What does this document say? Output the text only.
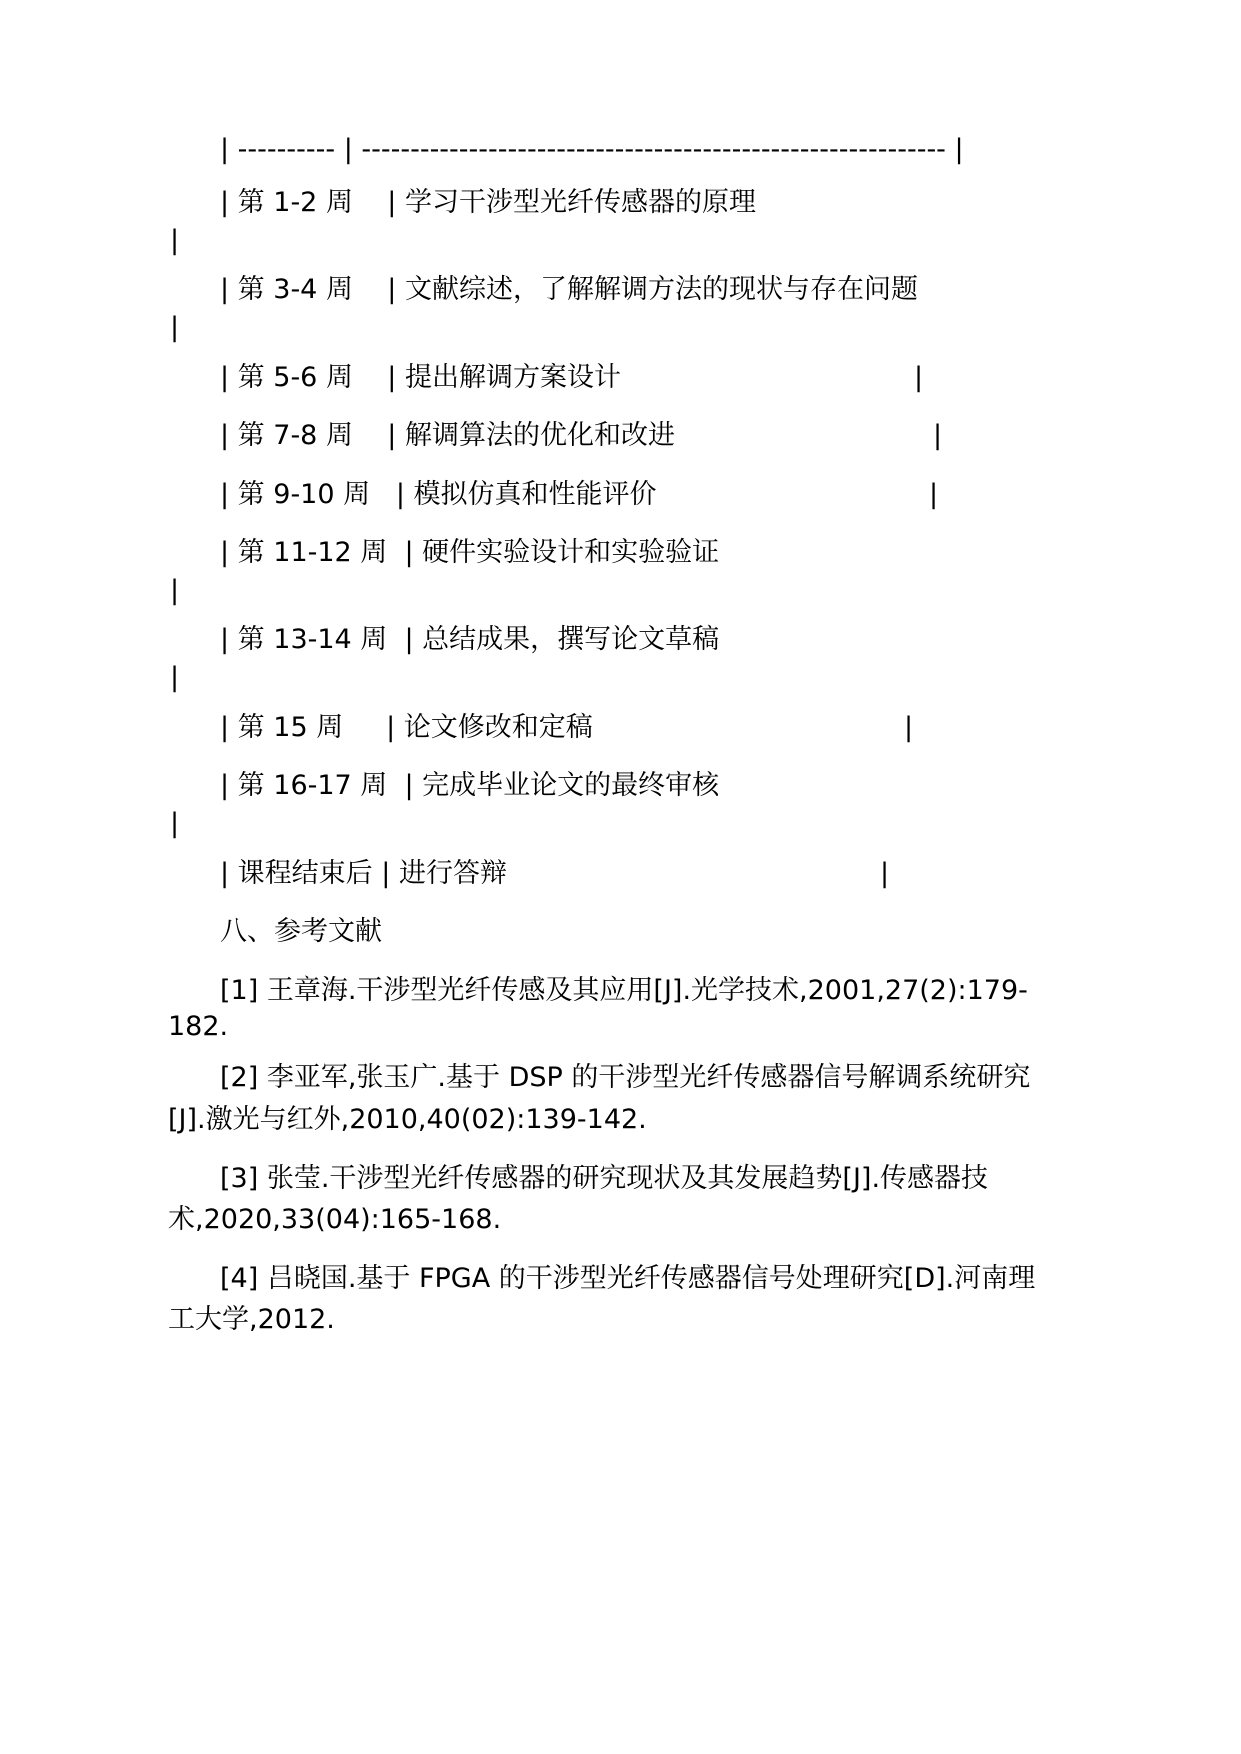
| ---------- | ------------------------------------------------------------ |
| 第 1-2 周    | 学习干涉型光纤传感器的原理
|
| 第 3-4 周    | 文献综述，了解解调方法的现状与存在问题
|
| 第 5-6 周    | 提出解调方案设计	|
| 第 7-8 周    | 解调算法的优化和改进	|
| 第 9-10 周   | 模拟仿真和性能评价	|
| 第 11-12 周  | 硬件实验设计和实验验证
|
| 第 13-14 周  | 总结成果，撰写论文草稿
|
| 第 15 周     | 论文修改和定稿	|
| 第 16-17 周  | 完成毕业论文的最终审核
|
| 课程结束后 | 进行答辩	|
八、参考文献
[1] 王章海.干涉型光纤传感及其应用[J].光学技术,2001,27(2):179-
182.
[2] 李亚军,张玉广.基于 DSP 的干涉型光纤传感器信号解调系统研究
[J].激光与红外,2010,40(02):139-142.
[3] 张莹.干涉型光纤传感器的研究现状及其发展趋势[J].传感器技
术,2020,33(04):165-168.
[4] 吕晓国.基于 FPGA 的干涉型光纤传感器信号处理研究[D].河南理
工大学,2012.
